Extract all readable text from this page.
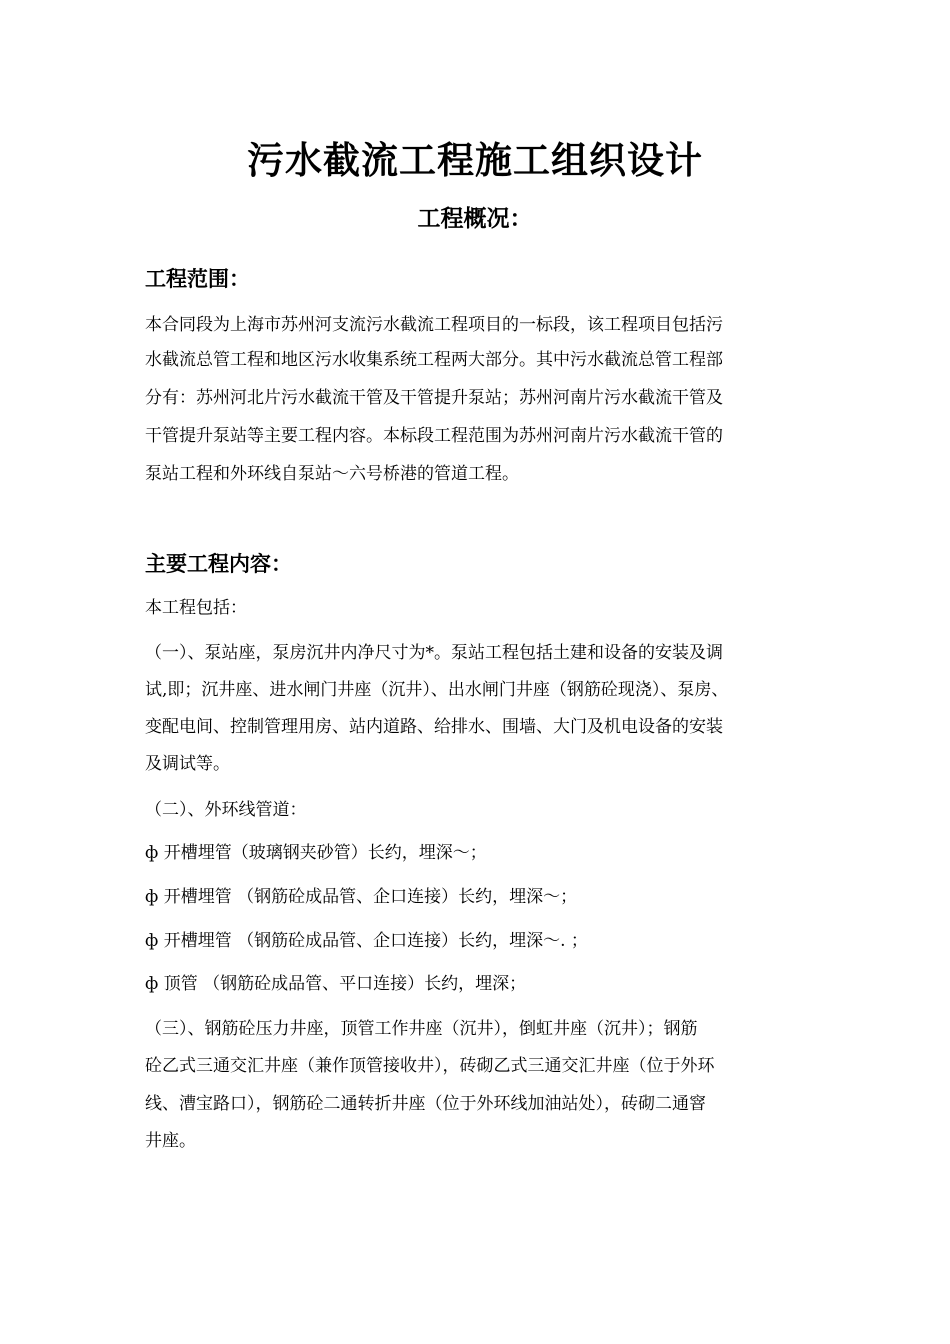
污水截流工程施工组织设计
工程概况：
工程范围：
本合同段为上海市苏州河支流污水截流工程项目的一标段，该工程项目包括污
水截流总管工程和地区污水收集系统工程两大部分。其中污水截流总管工程部
分有：苏州河北片污水截流干管及干管提升泵站；苏州河南片污水截流干管及
干管提升泵站等主要工程内容。本标段工程范围为苏州河南片污水截流干管的
泵站工程和外环线自泵站～六号桥港的管道工程。
主要工程内容：
本工程包括：
（一）、泵站座，泵房沉井内净尺寸为*。泵站工程包括土建和设备的安装及调
试,即；沉井座、进水闸门井座（沉井）、出水闸门井座（钢筋砼现浇）、泵房、
变配电间、控制管理用房、站内道路、给排水、围墙、大门及机电设备的安装
及调试等。
（二）、外环线管道：
ф 开槽埋管（玻璃钢夹砂管）长约，埋深～；
ф 开槽埋管 （钢筋砼成品管、企口连接）长约，埋深～；
ф 开槽埋管 （钢筋砼成品管、企口连接）长约，埋深～. ；
ф 顶管 （钢筋砼成品管、平口连接）长约，埋深；
（三）、钢筋砼压力井座，顶管工作井座（沉井），倒虹井座（沉井）；钢筋
砼乙式三通交汇井座（兼作顶管接收井），砖砌乙式三通交汇井座（位于外环
线、漕宝路口），钢筋砼二通转折井座（位于外环线加油站处），砖砌二通窨
井座。
